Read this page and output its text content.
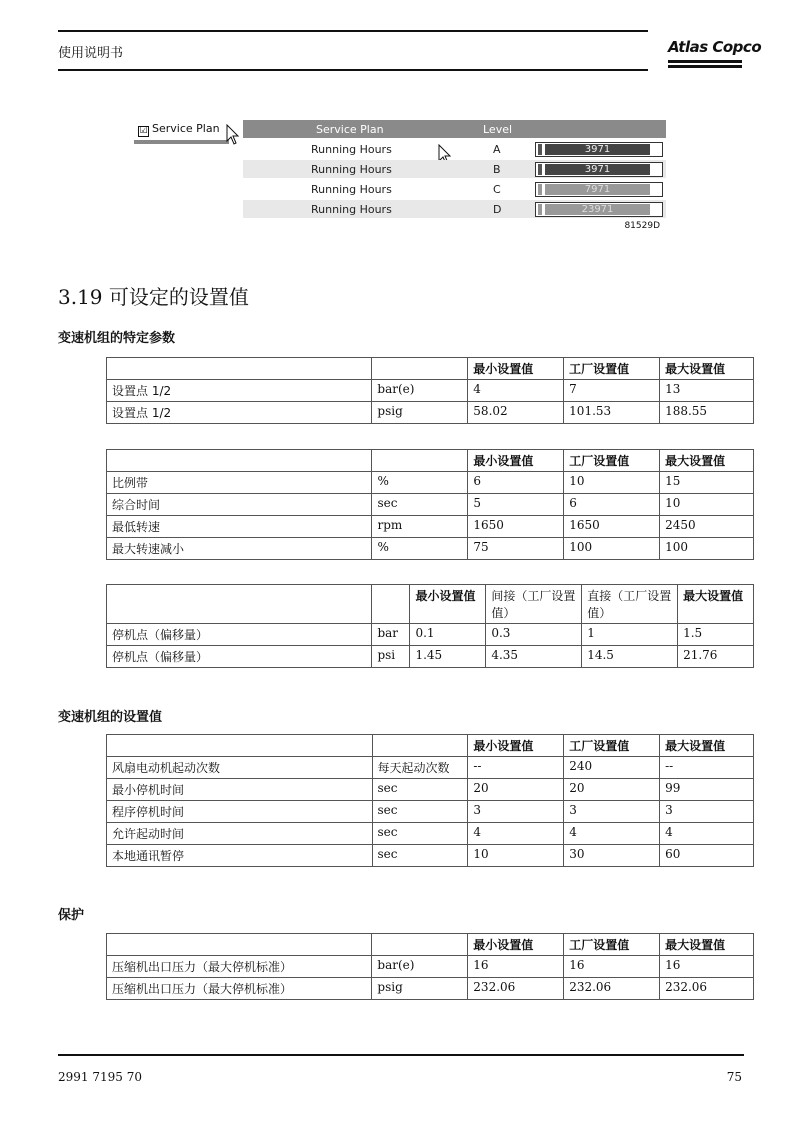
使用说明书	Atlas Copco
☑ Service Plan	Service Plan	Level
Running Hours	A	3971
Running Hours	B	3971
Running Hours	C	7971
Running Hours	D	23971
81529D
3.19 可设定的设置值
变速机组的特定参数
		最小设置值	工厂设置值	最大设置值
设置点 1/2	bar(e)	4	7	13
设置点 1/2	psig	58.02	101.53	188.55
		最小设置值	工厂设置值	最大设置值
比例带	%	6	10	15
综合时间	sec	5	6	10
最低转速	rpm	1650	1650	2450
最大转速减小	%	75	100	100
		最小设置值	间接（工厂设置值）	直接（工厂设置值）	最大设置值
停机点（偏移量）	bar	0.1	0.3	1	1.5
停机点（偏移量）	psi	1.45	4.35	14.5	21.76
变速机组的设置值
		最小设置值	工厂设置值	最大设置值
风扇电动机起动次数	每天起动次数	--	240	--
最小停机时间	sec	20	20	99
程序停机时间	sec	3	3	3
允许起动时间	sec	4	4	4
本地通讯暂停	sec	10	30	60
保护
		最小设置值	工厂设置值	最大设置值
压缩机出口压力（最大停机标准）	bar(e)	16	16	16
压缩机出口压力（最大停机标准）	psig	232.06	232.06	232.06
2991 7195 70	75
